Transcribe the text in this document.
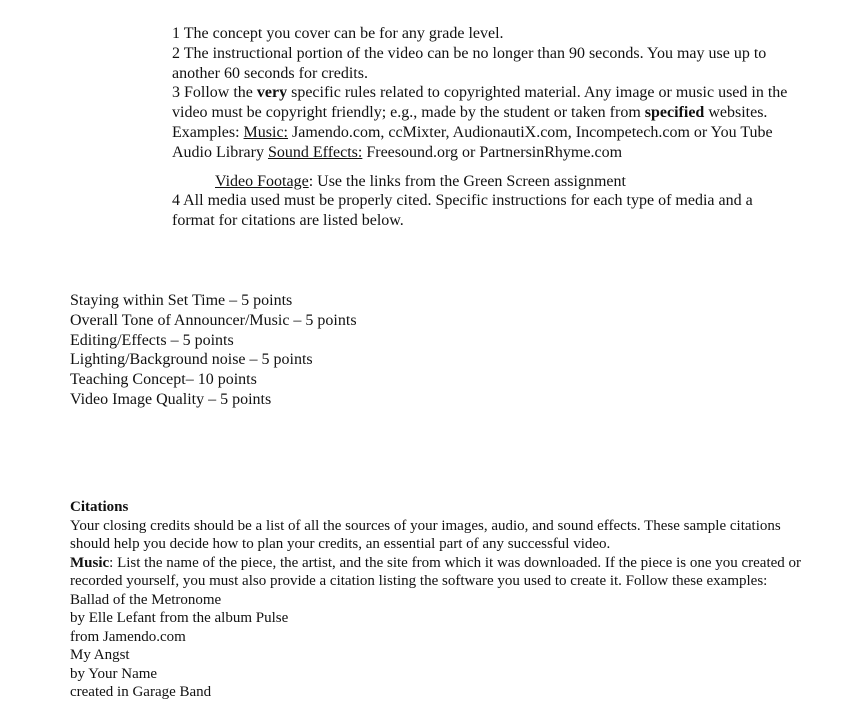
1 The concept you cover can be for any grade level.

2 The instructional portion of the video can be no longer than 90 seconds. You may use up to another 60 seconds for credits.

3 Follow the very specific rules related to copyrighted material. Any image or music used in the video must be copyright friendly; e.g., made by the student or taken from specified websites. Examples: Music: Jamendo.com, ccMixter, AudionautiX.com, Incompetech.com or You Tube Audio Library Sound Effects: Freesound.org or PartnersinRhyme.com

Video Footage: Use the links from the Green Screen assignment

4 All media used must be properly cited. Specific instructions for each type of media and a format for citations are listed below.

Staying within Set Time – 5 points
Overall Tone of Announcer/Music – 5 points
Editing/Effects – 5 points
Lighting/Background noise – 5 points
Teaching Concept– 10 points
Video Image Quality – 5 points

Citations

Your closing credits should be a list of all the sources of your images, audio, and sound effects. These sample citations should help you decide how to plan your credits, an essential part of any successful video.

Music: List the name of the piece, the artist, and the site from which it was downloaded. If the piece is one you created or recorded yourself, you must also provide a citation listing the software you used to create it. Follow these examples:

Ballad of the Metronome

by Elle Lefant from the album Pulse

from Jamendo.com

My Angst

by Your Name

created in Garage Band
